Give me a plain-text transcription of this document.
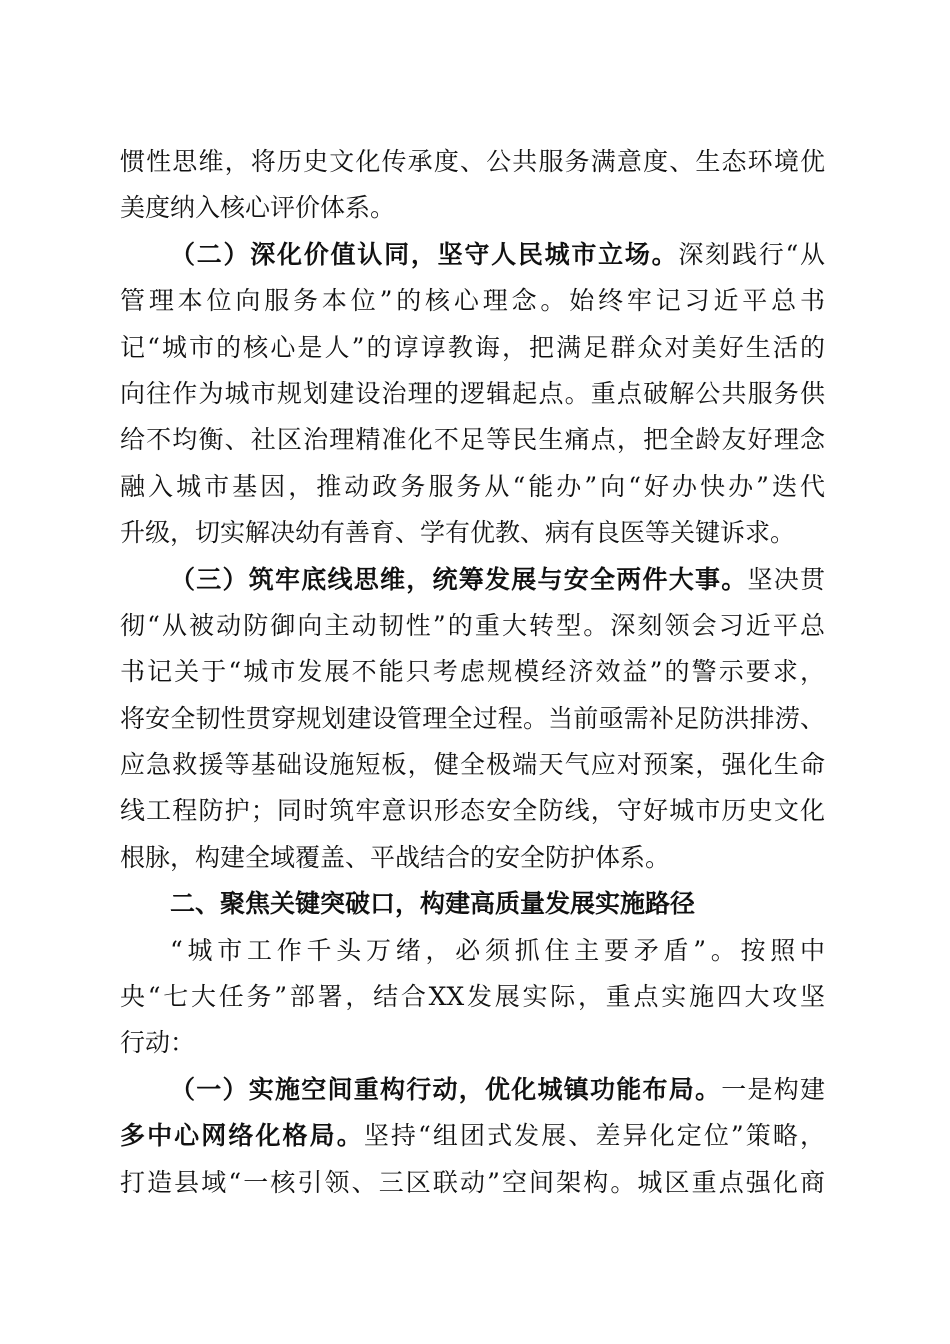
惯性思维，将历史文化传承度、公共服务满意度、生态环境优
美度纳入核心评价体系。
（二）深化价值认同，坚守人民城市立场。深刻践行“从
管理本位向服务本位”的核心理念。始终牢记习近平总书
记“城市的核心是人”的谆谆教诲，把满足群众对美好生活的
向往作为城市规划建设治理的逻辑起点。重点破解公共服务供
给不均衡、社区治理精准化不足等民生痛点，把全龄友好理念
融入城市基因，推动政务服务从“能办”向“好办快办”迭代
升级，切实解决幼有善育、学有优教、病有良医等关键诉求。
（三）筑牢底线思维，统筹发展与安全两件大事。坚决贯
彻“从被动防御向主动韧性”的重大转型。深刻领会习近平总
书记关于“城市发展不能只考虑规模经济效益”的警示要求，
将安全韧性贯穿规划建设管理全过程。当前亟需补足防洪排涝、
应急救援等基础设施短板，健全极端天气应对预案，强化生命
线工程防护；同时筑牢意识形态安全防线，守好城市历史文化
根脉，构建全域覆盖、平战结合的安全防护体系。
二、聚焦关键突破口，构建高质量发展实施路径
“城市工作千头万绪，必须抓住主要矛盾”。按照中
央“七大任务”部署，结合XX发展实际，重点实施四大攻坚
行动：
（一）实施空间重构行动，优化城镇功能布局。一是构建
多中心网络化格局。坚持“组团式发展、差异化定位”策略，
打造县域“一核引领、三区联动”空间架构。城区重点强化商
